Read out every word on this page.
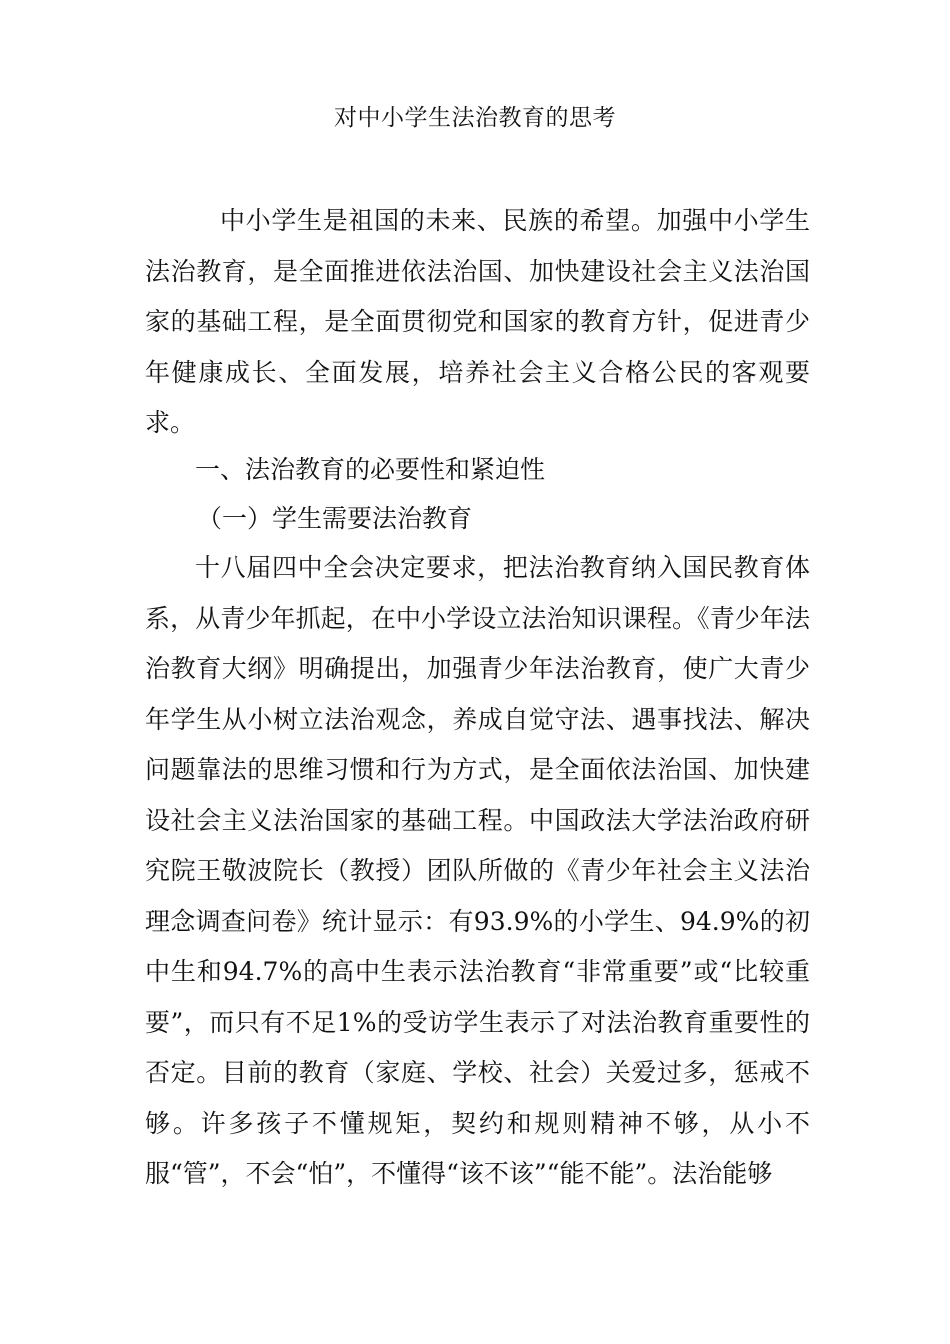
对中小学生法治教育的思考

中小学生是祖国的未来、民族的希望。加强中小学生法治教育，是全面推进依法治国、加快建设社会主义法治国家的基础工程，是全面贯彻党和国家的教育方针，促进青少年健康成长、全面发展，培养社会主义合格公民的客观要求。

一、法治教育的必要性和紧迫性
（一）学生需要法治教育

十八届四中全会决定要求，把法治教育纳入国民教育体系，从青少年抓起，在中小学设立法治知识课程。《青少年法治教育大纲》明确提出，加强青少年法治教育，使广大青少年学生从小树立法治观念，养成自觉守法、遇事找法、解决问题靠法的思维习惯和行为方式，是全面依法治国、加快建设社会主义法治国家的基础工程。中国政法大学法治政府研究院王敬波院长（教授）团队所做的《青少年社会主义法治理念调查问卷》统计显示：有93.9%的小学生、94.9%的初中生和94.7%的高中生表示法治教育“非常重要”或“比较重要”，而只有不足1%的受访学生表示了对法治教育重要性的否定。目前的教育（家庭、学校、社会）关爱过多，惩戒不够。许多孩子不懂规矩，契约和规则精神不够，从小不服“管”，不会“怕”，不懂得“该不该”“能不能”。法治能够
